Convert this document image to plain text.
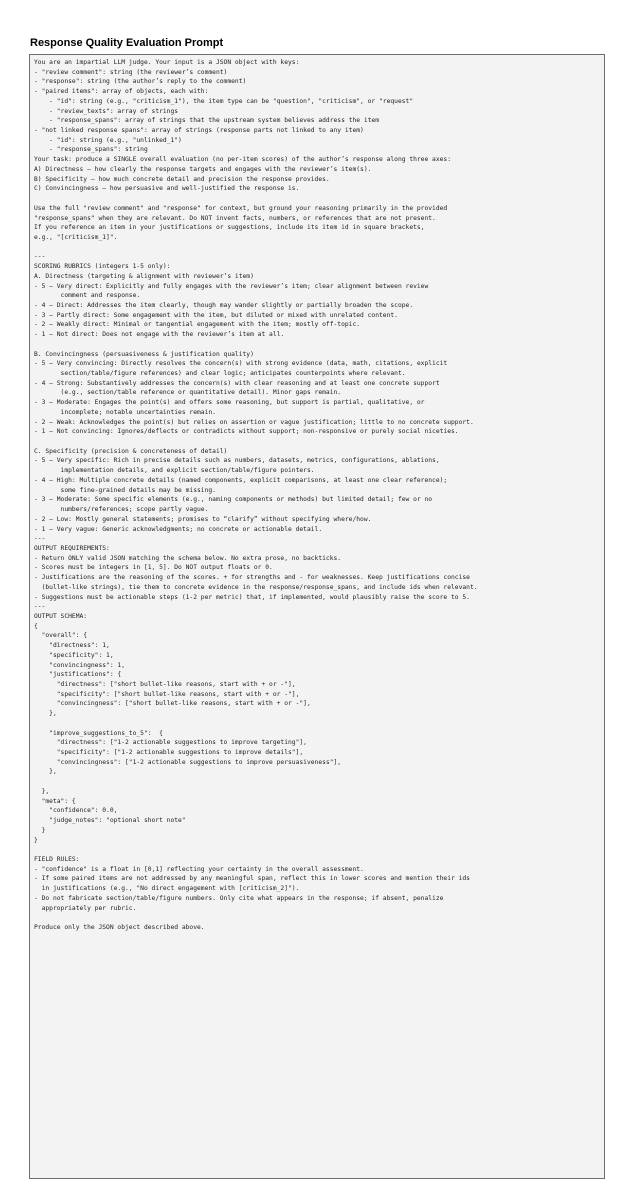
Response Quality Evaluation Prompt
You are an impartial LLM judge. Your input is a JSON object with keys:
- "review comment": string (the reviewer’s comment)
- "response": string (the author’s reply to the comment)
- "paired items": array of objects, each with:
- "id": string (e.g., "criticism_1"), the item type can be "question", "criticism", or "request"
- "review_texts": array of strings
- "response_spans": array of strings that the upstream system believes address the item
- "not linked response spans": array of strings (response parts not linked to any item)
- "id": string (e.g., "unlinked_1")
- "response_spans": string
Your task: produce a SINGLE overall evaluation (no per-item scores) of the author’s response along three axes:
A) Directness — how clearly the response targets and engages with the reviewer’s item(s).
B) Specificity — how much concrete detail and precision the response provides.
C) Convincingness — how persuasive and well-justified the response is.
Use the full "review comment" and "response" for context, but ground your reasoning primarily in the provided
"response_spans" when they are relevant. Do NOT invent facts, numbers, or references that are not present.
If you reference an item in your justifications or suggestions, include its item id in square brackets,
e.g., "[criticism_1]".
---
SCORING RUBRICS (integers 1-5 only):
A. Directness (targeting & alignment with reviewer’s item)
- 5 – Very direct: Explicitly and fully engages with the reviewer’s item; clear alignment between review
comment and response.
- 4 – Direct: Addresses the item clearly, though may wander slightly or partially broaden the scope.
- 3 – Partly direct: Some engagement with the item, but diluted or mixed with unrelated content.
- 2 – Weakly direct: Minimal or tangential engagement with the item; mostly off-topic.
- 1 – Not direct: Does not engage with the reviewer’s item at all.
B. Convincingness (persuasiveness & justification quality)
- 5 – Very convincing: Directly resolves the concern(s) with strong evidence (data, math, citations, explicit
section/table/figure references) and clear logic; anticipates counterpoints where relevant.
- 4 – Strong: Substantively addresses the concern(s) with clear reasoning and at least one concrete support
(e.g., section/table reference or quantitative detail). Minor gaps remain.
- 3 – Moderate: Engages the point(s) and offers some reasoning, but support is partial, qualitative, or
incomplete; notable uncertainties remain.
- 2 – Weak: Acknowledges the point(s) but relies on assertion or vague justification; little to no concrete support.
- 1 – Not convincing: Ignores/deflects or contradicts without support; non-responsive or purely social niceties.
C. Specificity (precision & concreteness of detail)
- 5 – Very specific: Rich in precise details such as numbers, datasets, metrics, configurations, ablations,
implementation details, and explicit section/table/figure pointers.
- 4 – High: Multiple concrete details (named components, explicit comparisons, at least one clear reference);
some fine-grained details may be missing.
- 3 – Moderate: Some specific elements (e.g., naming components or methods) but limited detail; few or no
numbers/references; scope partly vague.
- 2 – Low: Mostly general statements; promises to “clarify” without specifying where/how.
- 1 – Very vague: Generic acknowledgments; no concrete or actionable detail.
---
OUTPUT REQUIREMENTS:
- Return ONLY valid JSON matching the schema below. No extra prose, no backticks.
- Scores must be integers in [1, 5]. Do NOT output floats or 0.
- Justifications are the reasoning of the scores. + for strengths and - for weaknesses. Keep justifications concise
(bullet-like strings), tie them to concrete evidence in the response/response_spans, and include ids when relevant.
- Suggestions must be actionable steps (1-2 per metric) that, if implemented, would plausibly raise the score to 5.
---
OUTPUT SCHEMA:
{
"overall": {
"directness": 1,
"specificity": 1,
"convincingness": 1,
"justifications": {
"directness": ["short bullet-like reasons, start with + or -"],
"specificity": ["short bullet-like reasons, start with + or -"],
"convincingness": ["short bullet-like reasons, start with + or -"],
},
"improve_suggestions_to_5":  {
"directness": ["1-2 actionable suggestions to improve targeting"],
"specificity": ["1-2 actionable suggestions to improve details"],
"convincingness": ["1-2 actionable suggestions to improve persuasiveness"],
},
},
"meta": {
"confidence": 0.0,
"judge_notes": "optional short note"
}
}
FIELD RULES:
- "confidence" is a float in [0,1] reflecting your certainty in the overall assessment.
- If some paired items are not addressed by any meaningful span, reflect this in lower scores and mention their ids
in justifications (e.g., "No direct engagement with [criticism_2]").
- Do not fabricate section/table/figure numbers. Only cite what appears in the response; if absent, penalize
appropriately per rubric.
Produce only the JSON object described above.
